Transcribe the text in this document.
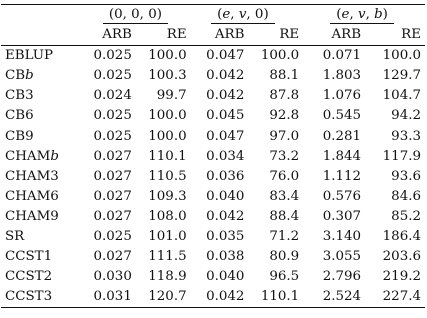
	(0, 0, 0)		(e, v, 0)		(e, v, b)	
	ARB	RE	ARB	RE	ARB	RE
EBLUP	0.025	100.0	0.047	100.0	0.071	100.0
CBb	0.025	100.3	0.042	88.1	1.803	129.7
CB3	0.024	99.7	0.042	87.8	1.076	104.7
CB6	0.025	100.0	0.045	92.8	0.545	94.2
CB9	0.025	100.0	0.047	97.0	0.281	93.3
CHAMb	0.027	110.1	0.034	73.2	1.844	117.9
CHAM3	0.027	110.5	0.036	76.0	1.112	93.6
CHAM6	0.027	109.3	0.040	83.4	0.576	84.6
CHAM9	0.027	108.0	0.042	88.4	0.307	85.2
SR	0.025	101.0	0.035	71.2	3.140	186.4
CCST1	0.027	111.5	0.038	80.9	3.055	203.6
CCST2	0.030	118.9	0.040	96.5	2.796	219.2
CCST3	0.031	120.7	0.042	110.1	2.524	227.4
